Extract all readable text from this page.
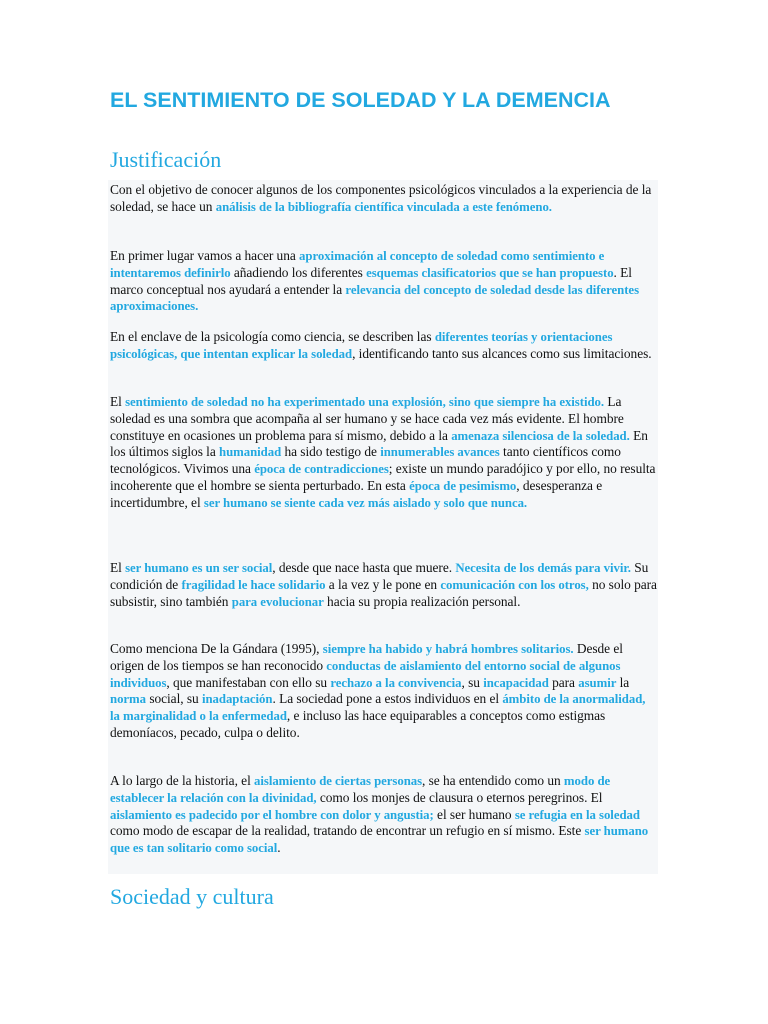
EL SENTIMIENTO DE SOLEDAD Y LA DEMENCIA
Justificación

Con el objetivo de conocer algunos de los componentes psicológicos vinculados a la experiencia de la soledad, se hace un análisis de la bibliografía científica vinculada a este fenómeno.

En primer lugar vamos a hacer una aproximación al concepto de soledad como sentimiento e intentaremos definirlo añadiendo los diferentes esquemas clasificatorios que se han propuesto. El marco conceptual nos ayudará a entender la relevancia del concepto de soledad desde las diferentes aproximaciones.

En el enclave de la psicología como ciencia, se describen las diferentes teorías y orientaciones psicológicas, que intentan explicar la soledad, identificando tanto sus alcances como sus limitaciones.

El sentimiento de soledad no ha experimentado una explosión, sino que siempre ha existido. La soledad es una sombra que acompaña al ser humano y se hace cada vez más evidente. El hombre constituye en ocasiones un problema para sí mismo, debido a la amenaza silenciosa de la soledad. En los últimos siglos la humanidad ha sido testigo de innumerables avances tanto científicos como tecnológicos. Vivimos una época de contradicciones; existe un mundo paradójico y por ello, no resulta incoherente que el hombre se sienta perturbado. En esta época de pesimismo, desesperanza e incertidumbre, el ser humano se siente cada vez más aislado y solo que nunca.

El ser humano es un ser social, desde que nace hasta que muere. Necesita de los demás para vivir. Su condición de fragilidad le hace solidario a la vez y le pone en comunicación con los otros, no solo para subsistir, sino también para evolucionar hacia su propia realización personal.

Como menciona De la Gándara (1995), siempre ha habido y habrá hombres solitarios. Desde el origen de los tiempos se han reconocido conductas de aislamiento del entorno social de algunos individuos, que manifestaban con ello su rechazo a la convivencia, su incapacidad para asumir la norma social, su inadaptación. La sociedad pone a estos individuos en el ámbito de la anormalidad, la marginalidad o la enfermedad, e incluso las hace equiparables a conceptos como estigmas demoníacos, pecado, culpa o delito.

A lo largo de la historia, el aislamiento de ciertas personas, se ha entendido como un modo de establecer la relación con la divinidad, como los monjes de clausura o eternos peregrinos. El aislamiento es padecido por el hombre con dolor y angustia; el ser humano se refugia en la soledad como modo de escapar de la realidad, tratando de encontrar un refugio en sí mismo. Este ser humano que es tan solitario como social.

Sociedad y cultura
